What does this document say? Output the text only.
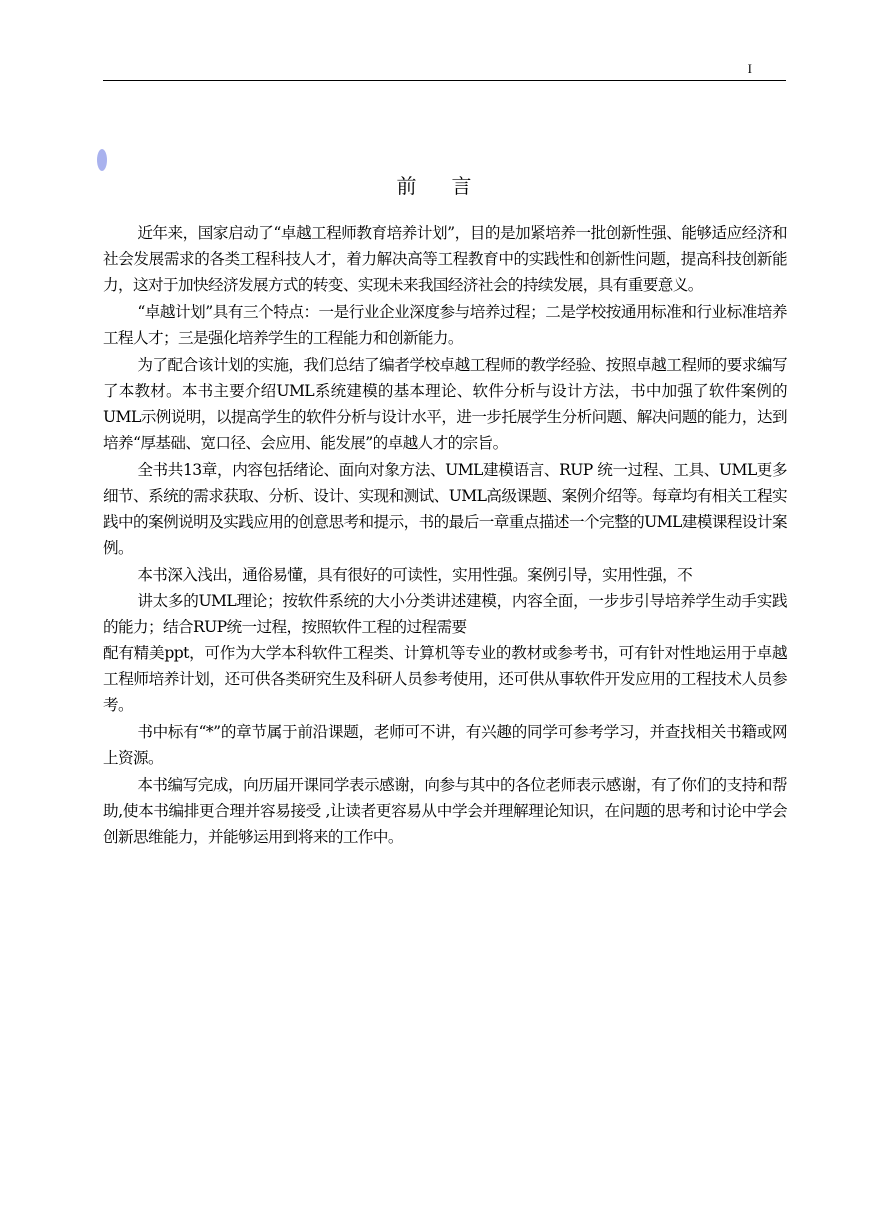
I
前 言

近年来，国家启动了“卓越工程师教育培养计划”，目的是加紧培养一批创新性强、能够适应经济和社会发展需求的各类工程科技人才，着力解决高等工程教育中的实践性和创新性问题，提高科技创新能力，这对于加快经济发展方式的转变、实现未来我国经济社会的持续发展，具有重要意义。

“卓越计划”具有三个特点：一是行业企业深度参与培养过程；二是学校按通用标准和行业标准培养工程人才；三是强化培养学生的工程能力和创新能力。

为了配合该计划的实施，我们总结了编者学校卓越工程师的教学经验、按照卓越工程师的要求编写了本教材。本书主要介绍UML系统建模的基本理论、软件分析与设计方法，书中加强了软件案例的UML示例说明，以提高学生的软件分析与设计水平，进一步托展学生分析问题、解决问题的能力，达到培养“厚基础、宽口径、会应用、能发展”的卓越人才的宗旨。

全书共13章，内容包括绪论、面向对象方法、UML建模语言、RUP 统一过程、工具、UML更多细节、系统的需求获取、分析、设计、实现和测试、UML高级课题、案例介绍等。每章均有相关工程实践中的案例说明及实践应用的创意思考和提示，书的最后一章重点描述一个完整的UML建模课程设计案例。

本书深入浅出，通俗易懂，具有很好的可读性，实用性强。案例引导，实用性强，不

讲太多的UML理论；按软件系统的大小分类讲述建模，内容全面，一步步引导培养学生动手实践的能力；结合RUP统一过程，按照软件工程的过程需要

配有精美ppt，可作为大学本科软件工程类、计算机等专业的教材或参考书，可有针对性地运用于卓越工程师培养计划，还可供各类研究生及科研人员参考使用，还可供从事软件开发应用的工程技术人员参考。

书中标有“*”的章节属于前沿课题，老师可不讲，有兴趣的同学可参考学习，并查找相关书籍或网上资源。

本书编写完成，向历届开课同学表示感谢，向参与其中的各位老师表示感谢，有了你们的支持和帮助,使本书编排更合理并容易接受 ,让读者更容易从中学会并理解理论知识，在问题的思考和讨论中学会创新思维能力，并能够运用到将来的工作中。
